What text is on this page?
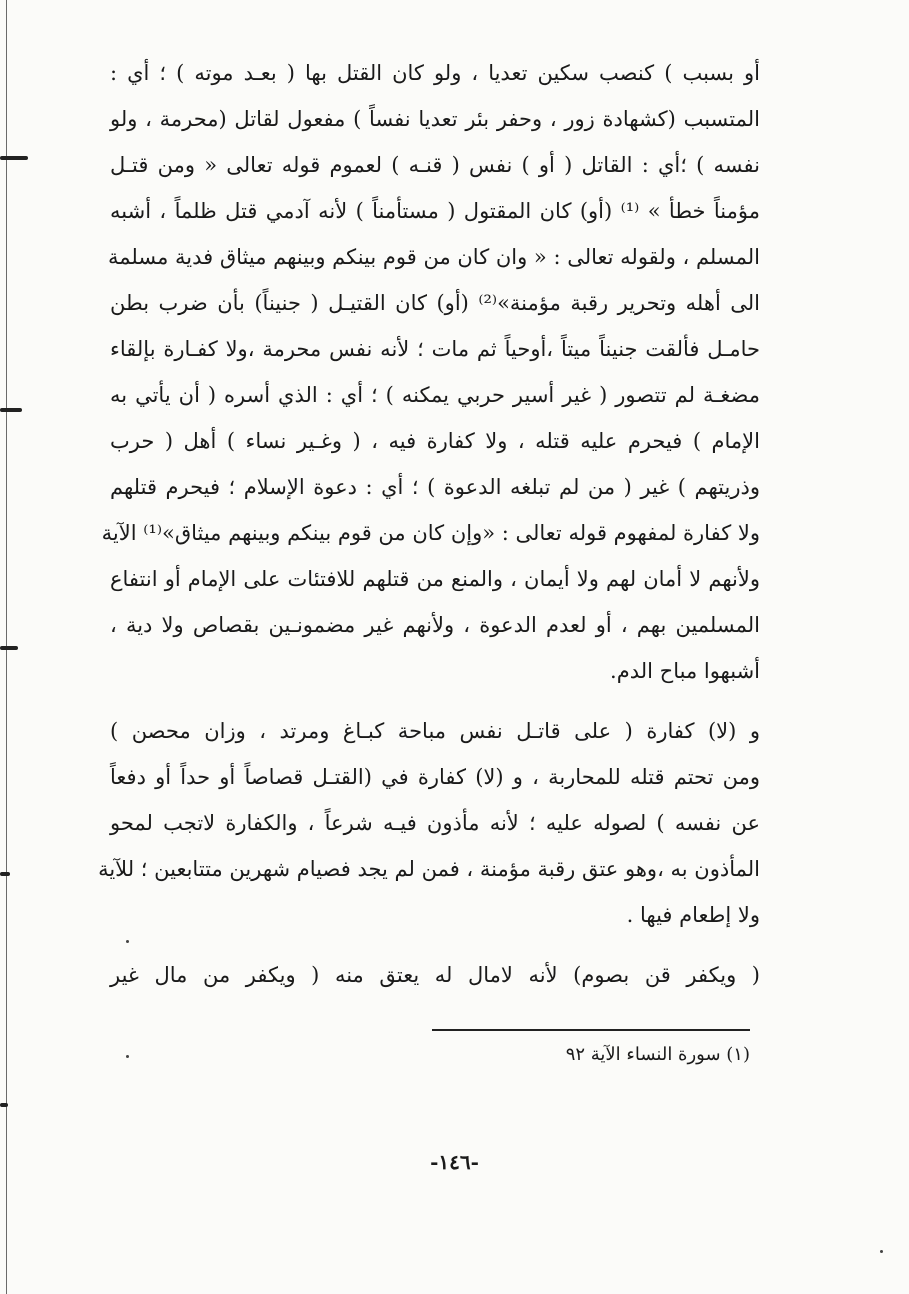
أو بسبب ) كنصب سكين تعديا ، ولو كان القتل بها ( بعـد موته ) ؛ أي :
المتسبب (كشهادة زور ، وحفر بئر تعديا نفساً ) مفعول لقاتل (محرمة ، ولو
نفسه ) ؛أي : القاتل ( أو ) نفس ( قنـه ) لعموم قوله تعالى « ومن قتـل
مؤمناً خطأ » ⁽¹⁾ (أو) كان المقتول ( مستأمناً ) لأنه آدمي قتل ظلماً ، أشبه
المسلم ، ولقوله تعالى : « وان كان من قوم بينكم وبينهم ميثاق فدية مسلمة
الى أهله وتحرير رقبة مؤمنة»⁽²⁾ (أو) كان القتيـل ( جنيناً) بأن ضرب بطن
حامـل فألقت جنيناً ميتاً ،أوحياً ثم مات ؛ لأنه نفس محرمة ،ولا كفـارة بإلقاء
مضغـة لم تتصور ( غير أسير حربي يمكنه ) ؛ أي : الذي أسره ( أن يأتي به
الإمام ) فيحرم عليه قتله ، ولا كفارة فيه ، ( وغـير نساء ) أهل ( حرب
وذريتهم ) غير ( من لم تبلغه الدعوة ) ؛ أي : دعوة الإسلام ؛ فيحرم قتلهم
ولا كفارة لمفهوم قوله تعالى : «وإن كان من قوم بينكم وبينهم ميثاق»⁽¹⁾ الآية
ولأنهم لا أمان لهم ولا أيمان ، والمنع من قتلهم للافتئات على الإمام أو انتفاع
المسلمين بهم ، أو لعدم الدعوة ، ولأنهم غير مضمونـين بقصاص ولا دية ،
أشبهوا مباح الدم.
و (لا) كفارة ( على قاتـل نفس مباحة كبـاغ ومرتد ، وزان محصن )
ومن تحتم قتله للمحاربة ، و (لا) كفارة في (القتـل قصاصاً أو حداً أو دفعاً
عن نفسه ) لصوله عليه ؛ لأنه مأذون فيـه شرعاً ، والكفارة لاتجب لمحو
المأذون به ،وهو عتق رقبة مؤمنة ، فمن لم يجد فصيام شهرين متتابعين ؛ للآية
ولا إطعام فيها .
( ويكفر قن بصوم) لأنه لامال له يعتق منه ( ويكفر من مال غير
(١) سورة النساء الآية ٩٢
-١٤٦-
